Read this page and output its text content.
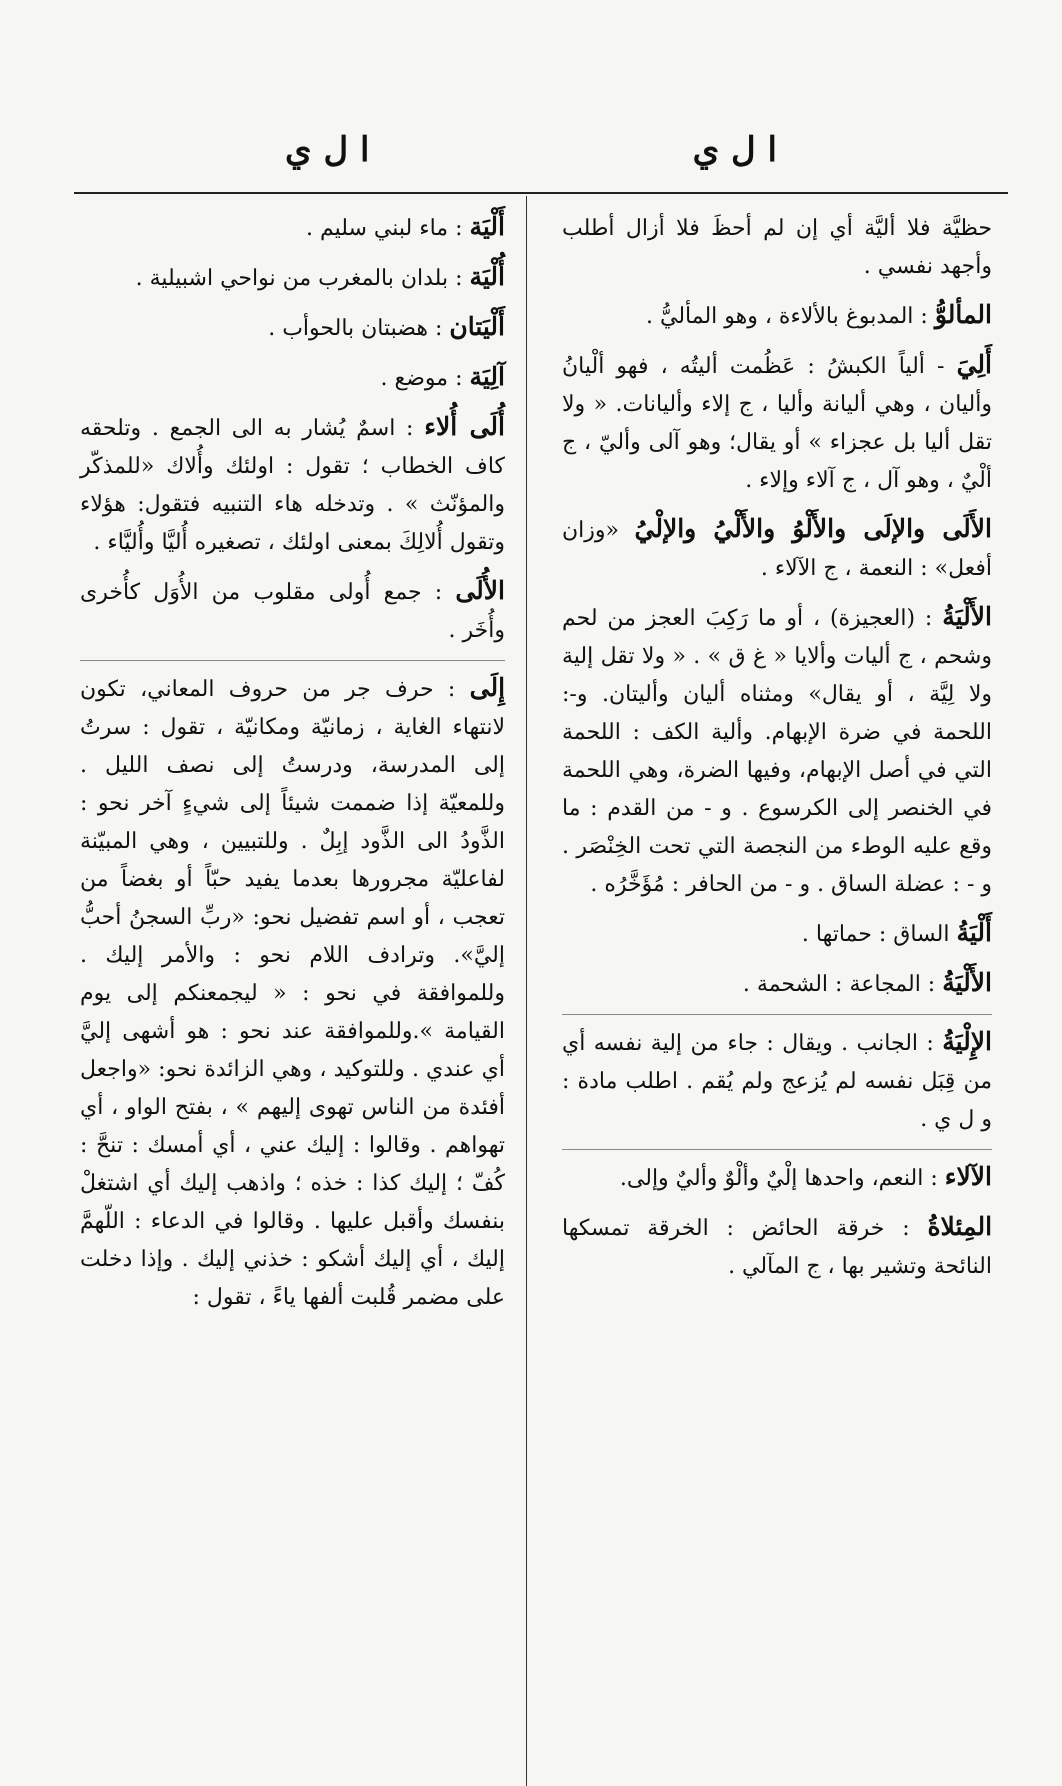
ا ل ي
ا ل ي
حظيَّة فلا أليَّة أي إن لم أحظَ فلا أزال أطلب وأجهد نفسي .
المألوُّ : المدبوغ بالألاءة ، وهو المأليُّ .
أَلِيَ - ألياً الكبشُ : عَظُمت أليتُه ، فهو ألْيانُ وأليان ، وهي أليانة وأليا ، ج إلاء وأليانات. « ولا تقل أليا بل عجزاء » أو يقال؛ وهو آلى وأليّ ، ج ألْيٌ ، وهو آل ، ج آلاء وإلاء .
الأَلَى والإلَى والأَلْوُ والأَلْيُ والإلْيُ «وزان أفعل» : النعمة ، ج الآلاء .
الأَلْيَةُ : (العجيزة) ، أو ما رَكِبَ العجز من لحم وشحم ، ج أليات وألايا « غ ق » . « ولا تقل إلية ولا لِيَّة ، أو يقال» ومثناه أليان وأليتان. و-: اللحمة في ضرة الإبهام. وألية الكف : اللحمة التي في أصل الإبهام، وفيها الضرة، وهي اللحمة في الخنصر إلى الكرسوع . و - من القدم : ما وقع عليه الوطء من النجصة التي تحت الخِنْصَر . و - : عضلة الساق . و - من الحافر : مُؤَخَّرُه .
أَلْيَةُ الساق : حماتها .
الأَلْيَةُ : المجاعة : الشحمة .
الإِلْيَةُ : الجانب . ويقال : جاء من إلية نفسه أي من قِبَل نفسه لم يُزعج ولم يُقم . اطلب مادة : و ل ي .
الآلاء : النعم، واحدها إلْيٌ وألْوٌ وأليٌ وإلى.
المِئلاةُ : خرقة الحائض : الخرقة تمسكها النائحة وتشير بها ، ج المآلي .
أَلْيَة : ماء لبني سليم .
أُلْيَة : بلدان بالمغرب من نواحي اشبيلية .
أَلْيَتان : هضبتان بالحوأب .
آلِيَة : موضع .
أُلَى أُلاء : اسمٌ يُشار به الى الجمع . وتلحقه كاف الخطاب ؛ تقول : اولئك وأُلاك «للمذكّر والمؤنّث » . وتدخله هاء التنبيه فتقول: هؤلاء وتقول أُلالِكَ بمعنى اولئك ، تصغيره أُليَّا وأُليَّاء .
الأُلَى : جمع أُولى مقلوب من الأُوَل كأُخرى وأُخَر .
إِلَى : حرف جر من حروف المعاني، تكون لانتهاء الغاية ، زمانيّة ومكانيّة ، تقول : سرتُ إلى المدرسة، ودرستُ إلى نصف الليل . وللمعيّة إذا ضممت شيئاً إلى شيءٍ آخر نحو : الذَّودُ الى الذَّود إبِلٌ . وللتبيين ، وهي المبيّنة لفاعليّة مجرورها بعدما يفيد حبّاً أو بغضاً من تعجب ، أو اسم تفضيل نحو: «ربِّ السجنُ أحبُّ إليَّ». وترادف اللام نحو : والأمر إليك . وللموافقة في نحو : « ليجمعنكم إلى يوم القيامة ».وللموافقة عند نحو : هو أشهى إليَّ أي عندي . وللتوكيد ، وهي الزائدة نحو: «واجعل أفئدة من الناس تهوى إليهم » ، بفتح الواو ، أي تهواهم . وقالوا : إليك عني ، أي أمسك : تنحَّ : كُفّ ؛ إليك كذا : خذه ؛ واذهب إليك أي اشتغلْ بنفسك وأقبل عليها . وقالوا في الدعاء : اللّهمَّ إليك ، أي إليك أشكو : خذني إليك . وإذا دخلت على مضمر قُلبت ألفها ياءً ، تقول :
